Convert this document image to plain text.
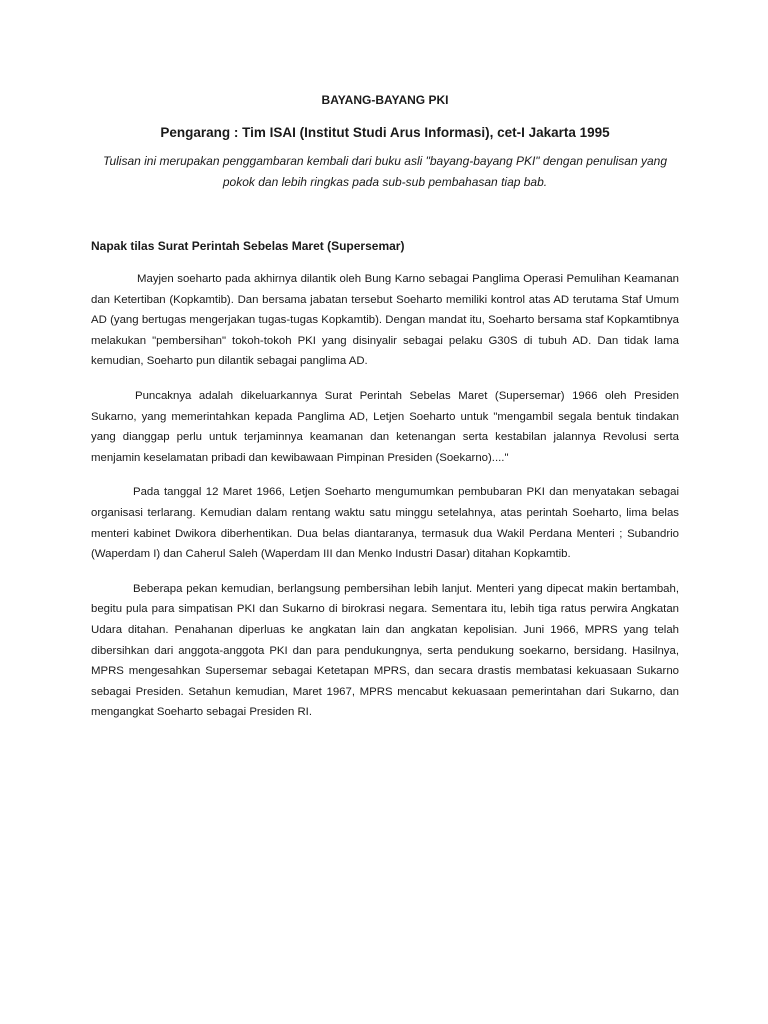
BAYANG-BAYANG PKI
Pengarang : Tim ISAI (Institut Studi Arus Informasi), cet-I Jakarta 1995
Tulisan ini merupakan penggambaran kembali dari buku asli "bayang-bayang PKI" dengan penulisan yang pokok dan lebih ringkas pada sub-sub pembahasan tiap bab.
Napak tilas Surat Perintah Sebelas Maret (Supersemar)

Mayjen soeharto pada akhirnya dilantik oleh Bung Karno sebagai Panglima Operasi Pemulihan Keamanan dan Ketertiban (Kopkamtib). Dan bersama jabatan tersebut Soeharto memiliki kontrol atas AD terutama Staf Umum AD (yang bertugas mengerjakan tugas-tugas Kopkamtib). Dengan mandat itu, Soeharto bersama staf Kopkamtibnya melakukan "pembersihan" tokoh-tokoh PKI yang disinyalir sebagai pelaku G30S di tubuh AD. Dan tidak lama kemudian, Soeharto pun dilantik sebagai panglima AD.

Puncaknya adalah dikeluarkannya Surat Perintah Sebelas Maret (Supersemar) 1966 oleh Presiden Sukarno, yang memerintahkan kepada Panglima AD, Letjen Soeharto untuk "mengambil segala bentuk tindakan yang dianggap perlu untuk terjaminnya keamanan dan ketenangan serta kestabilan jalannya Revolusi serta menjamin keselamatan pribadi dan kewibawaan Pimpinan Presiden (Soekarno)...."

Pada tanggal 12 Maret 1966, Letjen Soeharto mengumumkan pembubaran PKI dan menyatakan sebagai organisasi terlarang. Kemudian dalam rentang waktu satu minggu setelahnya, atas perintah Soeharto, lima belas menteri kabinet Dwikora diberhentikan. Dua belas diantaranya, termasuk dua Wakil Perdana Menteri ; Subandrio (Waperdam I) dan Caherul Saleh (Waperdam III dan Menko Industri Dasar) ditahan Kopkamtib.

Beberapa pekan kemudian, berlangsung pembersihan lebih lanjut. Menteri yang dipecat makin bertambah, begitu pula para simpatisan PKI dan Sukarno di birokrasi negara. Sementara itu, lebih tiga ratus perwira Angkatan Udara ditahan. Penahanan diperluas ke angkatan lain dan angkatan kepolisian. Juni 1966, MPRS yang telah dibersihkan dari anggota-anggota PKI dan para pendukungnya, serta pendukung soekarno, bersidang. Hasilnya, MPRS mengesahkan Supersemar sebagai Ketetapan MPRS, dan secara drastis membatasi kekuasaan Sukarno sebagai Presiden. Setahun kemudian, Maret 1967, MPRS mencabut kekuasaan pemerintahan dari Sukarno, dan mengangkat Soeharto sebagai Presiden RI.
